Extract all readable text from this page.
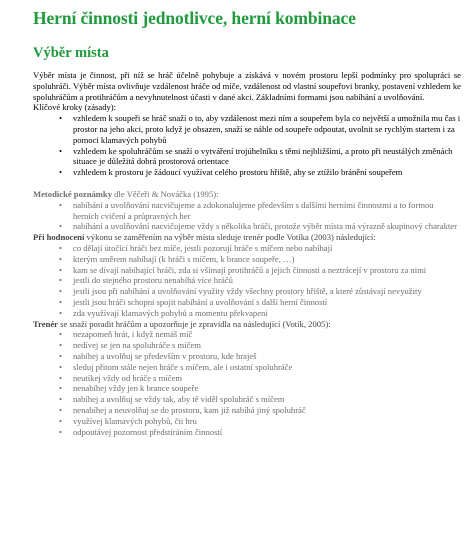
Herní činnosti jednotlivce, herní kombinace
Výběr místa

Výběr místa je činnost, při níž se hráč účelně pohybuje a získává v novém prostoru lepší podmínky pro spolupráci se spoluhráči. Výběr místa ovlivňuje vzdálenost hráče od míče, vzdálenost od vlastní soupeřovi branky, postavení vzhledem ke spoluhráčům a protihráčům a nevyhnutelnost účasti v dané akci. Základními formami jsou nabíhání a uvolňování.

Klíčové kroky (zásady):

• vzhledem k soupeři se hráč snaží o to, aby vzdálenost mezi ním a soupeřem byla co největší a umožnila mu čas i prostor na jeho akci, proto když je obsazen, snaží se náhle od soupeře odpoutat, uvolnit se rychlým startem i za pomoci klamavých pohybů
• vzhledem ke spoluhráčům se snaží o vytváření trojúhelníku s těmi nejbližšími, a proto při neustálých změnách situace je důležitá dobrá prostorová orientace
• vzhledem k prostoru je žádoucí využívat celého prostoru hřiště, aby se ztížilo bránění soupeřem

Metodické poznámky dle Věčeři & Nováčka (1995):

• nabíhání a uvolňování nacvičujeme a zdokonalujeme především s dalšími herními činnostmi a to formou herních cvičení a průpravných her
• nabíhání a uvolňování nacvičujeme vždy s několika hráči, protože výběr místa má výrazně skupinový charakter

Při hodnocení výkonu se zaměřením na výběr místa sleduje trenér podle Votíka (2003) následující:

• co dělají útočící hráči bez míče, jestli pozorují hráče s míčem nebo nabíhají
• kterým směrem nabíhají (k hráči s míčem, k brance soupeře, …)
• kam se dívají nabíhající hráči, zda si všímají protihráčů a jejich činnosti a neztrácejí v prostoru za nimi
• jestli do stejného prostoru nenabíhá více hráčů
• jestli jsou při nabíhání a uvolňování využity vždy všechny prostory hřiště, a které zůstávají nevyužity
• jestli jsou hráči schopni spojit nabíhání a uvolňování s další herní činností
• zda využívají klamavých pohybů a momentu překvapení

Trenér se snaží poradit hráčům a upozorňuje je zpravidla na následující (Votík, 2005):

• nezapomeň hrát, i když nemáš míč
• nedívej se jen na spoluhráče s míčem
• nabíhej a uvolňuj se především v prostoru, kde hraješ
• sleduj přitom stále nejen hráče s míčem, ale i ostatní spoluhráče
• neutíkej vždy od hráče s míčem
• nenabíhej vždy jen k brance soupeře
• nabíhej a uvolňuj se vždy tak, aby tě viděl spoluhráč s míčem
• nenabíhej a neuvolňuj se do prostoru, kam již nabíhá jiný spoluhráč
• využívej klamavých pohybů, čti hru
• odpoutávej pozornost předstíráním činností
